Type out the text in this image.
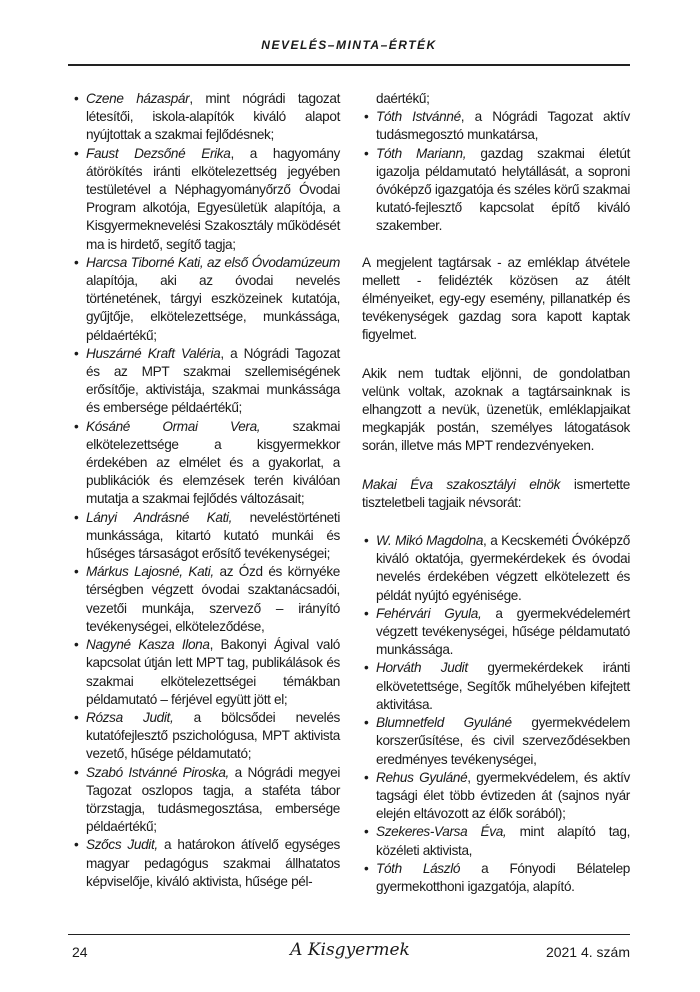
NEVELÉS–MINTA–ÉRTÉK
• Czene házaspár, mint nógrádi tagozat létesítői, iskola-alapítók kiváló alapot nyújtottak a szakmai fejlődésnek;
• Faust Dezsőné Erika, a hagyomány átörökítés iránti elkötelezettség jegyében testületével a Néphagyományőrző Óvodai Program alkotója, Egyesületük alapítója, a Kisgyermeknevelési Szakosztály működését ma is hirdető, segítő tagja;
• Harcsa Tiborné Kati, az első Óvodamúzeum alapítója, aki az óvodai nevelés történetének, tárgyi eszközeinek kutatója, gyűjtője, elkötelezettsége, munkássága, példaértékű;
• Huszárné Kraft Valéria, a Nógrádi Tagozat és az MPT szakmai szellemiségének erősítője, aktivistája, szakmai munkássága és embersége példaértékű;
• Kósáné Ormai Vera, szakmai elkötelezettsége a kisgyermekkor érdekében az elmélet és a gyakorlat, a publikációk és elemzések terén kiválóan mutatja a szakmai fejlődés változásait;
• Lányi Andrásné Kati, neveléstörténeti munkássága, kitartó kutató munkái és hűséges társaságot erősítő tevékenységei;
• Márkus Lajosné, Kati, az Ózd és környéke térségben végzett óvodai szaktanácsadói, vezetői munkája, szervező – irányító tevékenységei, elköteleződése,
• Nagyné Kasza Ilona, Bakonyi Ágival való kapcsolat útján lett MPT tag, publikálások és szakmai elkötelezettségei témákban példamutató – férjével együtt jött el;
• Rózsa Judit, a bölcsődei nevelés kutatófejlesztő pszichológusa, MPT aktivista vezető, hűsége példamutató;
• Szabó Istvánné Piroska, a Nógrádi megyei Tagozat oszlopos tagja, a staféta tábor törzstagja, tudásmegosztása, embersége példaértékű;
• Szőcs Judit, a határokon átívelő egységes magyar pedagógus szakmai állhatatos képviselője, kiváló aktivista, hűsége pél-

daértékű;

• Tóth Istvánné, a Nógrádi Tagozat aktív tudásmegosztó munkatársa,
• Tóth Mariann, gazdag szakmai életút igazolja példamutató helytállását, a soproni óvóképző igazgatója és széles körű szakmai kutató-fejlesztő kapcsolat építő kiváló szakember.

A megjelent tagtársak - az emléklap átvétele mellett - felidézték közösen az átélt élményeiket, egy-egy esemény, pillanatkép és tevékenységek gazdag sora kapott kaptak figyelmet.

Akik nem tudtak eljönni, de gondolatban velünk voltak, azoknak a tagtársainknak is elhangzott a nevük, üzenetük, emléklapjaikat megkapják postán, személyes látogatások során, illetve más MPT rendezvényeken.

Makai Éva szakosztályi elnök ismertette tiszteletbeli tagjaik névsorát:

• W. Mikó Magdolna, a Kecskeméti Óvóképző kiváló oktatója, gyermekérdekek és óvodai nevelés érdekében végzett elkötelezett és példát nyújtó egyénisége.
• Fehérvári Gyula, a gyermekvédelemért végzett tevékenységei, hűsége példamutató munkássága.
• Horváth Judit gyermekérdekek iránti elkövetettsége, Segítők műhelyében kifejtett aktivitása.
• Blumnetfeld Gyuláné gyermekvédelem korszerűsítése, és civil szerveződésekben eredményes tevékenységei,
• Rehus Gyuláné, gyermekvédelem, és aktív tagsági élet több évtizeden át (sajnos nyár elején eltávozott az élők sorából);
• Szekeres-Varsa Éva, mint alapító tag, közéleti aktivista,
• Tóth László a Fónyodi Bélatelep gyermekotthoni igazgatója, alapító.
24	A Kisgyermek	2021 4. szám
